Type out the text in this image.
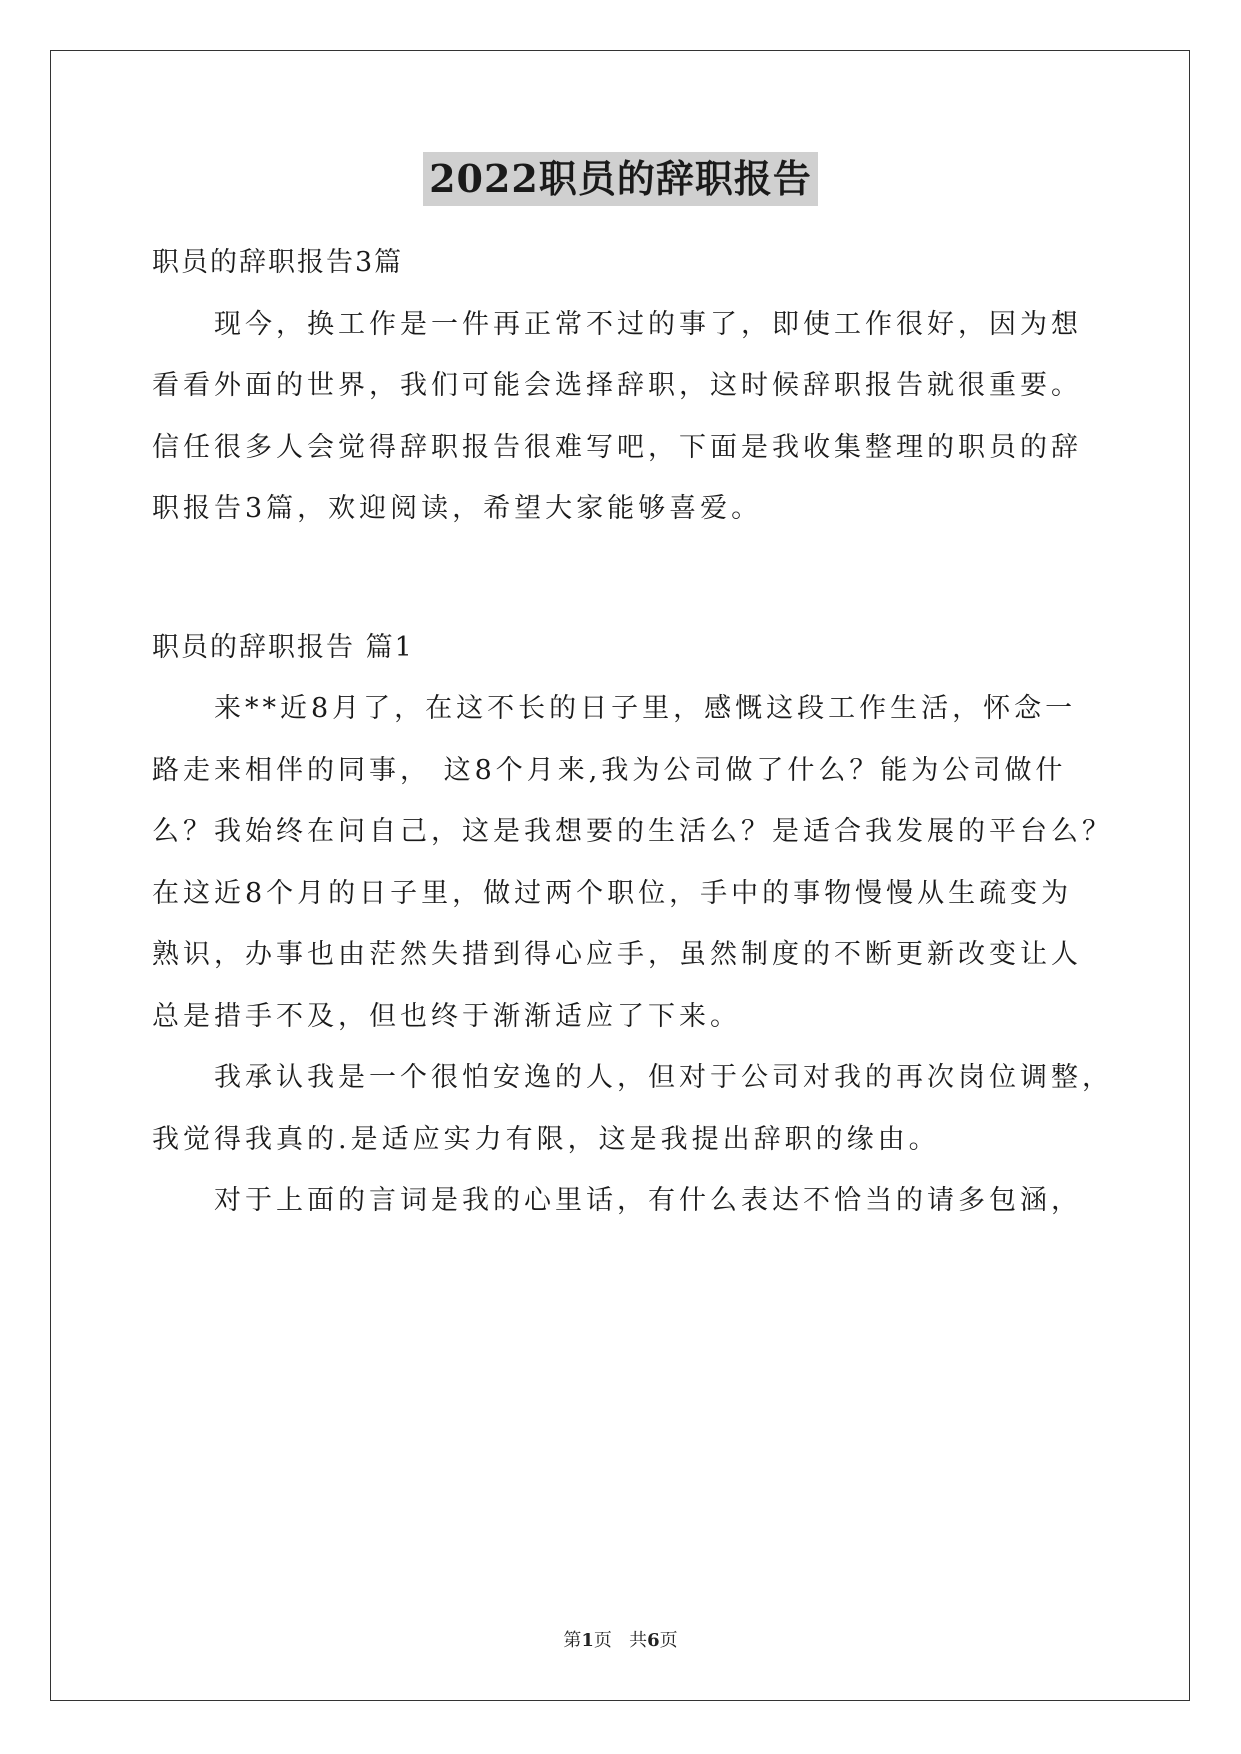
2022职员的辞职报告
职员的辞职报告3篇
现今，换工作是一件再正常不过的事了，即使工作很好，因为想
看看外面的世界，我们可能会选择辞职，这时候辞职报告就很重要。
信任很多人会觉得辞职报告很难写吧，下面是我收集整理的职员的辞
职报告3篇，欢迎阅读，希望大家能够喜爱。
职员的辞职报告 篇1
来**近8月了，在这不长的日子里，感慨这段工作生活，怀念一
路走来相伴的同事， 这8个月来,我为公司做了什么？能为公司做什
么？我始终在问自己，这是我想要的生活么？是适合我发展的平台么？
在这近8个月的日子里，做过两个职位，手中的事物慢慢从生疏变为
熟识，办事也由茫然失措到得心应手，虽然制度的不断更新改变让人
总是措手不及，但也终于渐渐适应了下来。
我承认我是一个很怕安逸的人，但对于公司对我的再次岗位调整，
我觉得我真的.是适应实力有限，这是我提出辞职的缘由。
对于上面的言词是我的心里话，有什么表达不恰当的请多包涵，
第1页   共6页
